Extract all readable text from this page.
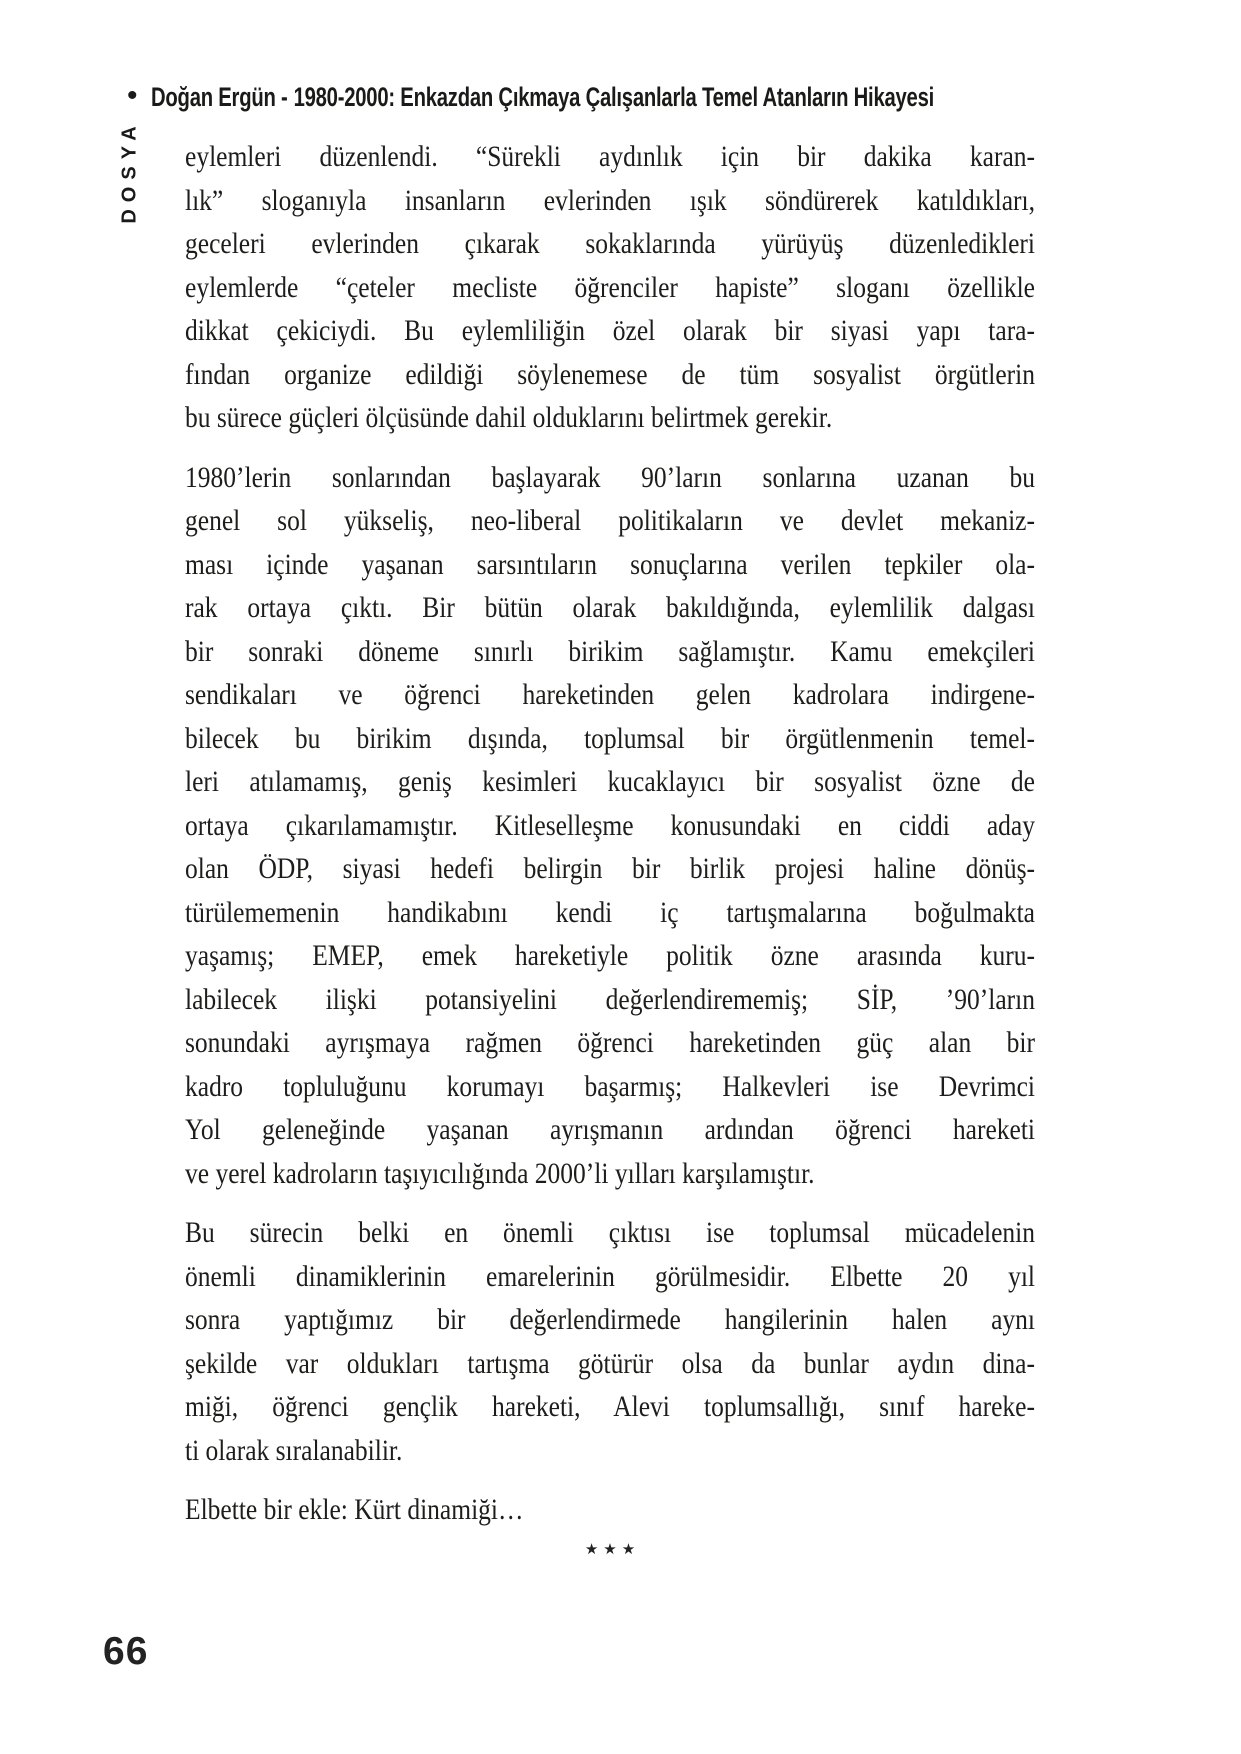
• Doğan Ergün - 1980-2000: Enkazdan Çıkmaya Çalışanlarla Temel Atanların Hikayesi
DOSYA eylemleri düzenlendi. “Sürekli aydınlık için bir dakika karan-
lık” sloganıyla insanların evlerinden ışık söndürerek katıldıkları,
geceleri evlerinden çıkarak sokaklarında yürüyüş düzenledikleri
eylemlerde “çeteler mecliste öğrenciler hapiste” sloganı özellikle
dikkat çekiciydi. Bu eylemliliğin özel olarak bir siyasi yapı tara-
fından organize edildiği söylenemese de tüm sosyalist örgütlerin
bu sürece güçleri ölçüsünde dahil olduklarını belirtmek gerekir.
1980’lerin sonlarından başlayarak 90’ların sonlarına uzanan bu
genel sol yükseliş, neo-liberal politikaların ve devlet mekaniz-
ması içinde yaşanan sarsıntıların sonuçlarına verilen tepkiler ola-
rak ortaya çıktı. Bir bütün olarak bakıldığında, eylemlilik dalgası
bir sonraki döneme sınırlı birikim sağlamıştır. Kamu emekçileri
sendikaları ve öğrenci hareketinden gelen kadrolara indirgene-
bilecek bu birikim dışında, toplumsal bir örgütlenmenin temel-
leri atılamamış, geniş kesimleri kucaklayıcı bir sosyalist özne de
ortaya çıkarılamamıştır. Kitleselleşme konusundaki en ciddi aday
olan ÖDP, siyasi hedefi belirgin bir birlik projesi haline dönüş-
türülememenin handikabını kendi iç tartışmalarına boğulmakta
yaşamış; EMEP, emek hareketiyle politik özne arasında kuru-
labilecek ilişki potansiyelini değerlendirememiş; SİP, ’90’ların
sonundaki ayrışmaya rağmen öğrenci hareketinden güç alan bir
kadro topluluğunu korumayı başarmış; Halkevleri ise Devrimci
Yol geleneğinde yaşanan ayrışmanın ardından öğrenci hareketi
ve yerel kadroların taşıyıcılığında 2000’li yılları karşılamıştır.
Bu sürecin belki en önemli çıktısı ise toplumsal mücadelenin
önemli dinamiklerinin emarelerinin görülmesidir. Elbette 20 yıl
sonra yaptığımız bir değerlendirmede hangilerinin halen aynı
şekilde var oldukları tartışma götürür olsa da bunlar aydın dina-
miği, öğrenci gençlik hareketi, Alevi toplumsallığı, sınıf hareke-
ti olarak sıralanabilir.
Elbette bir ekle: Kürt dinamiği…
★★★
66
